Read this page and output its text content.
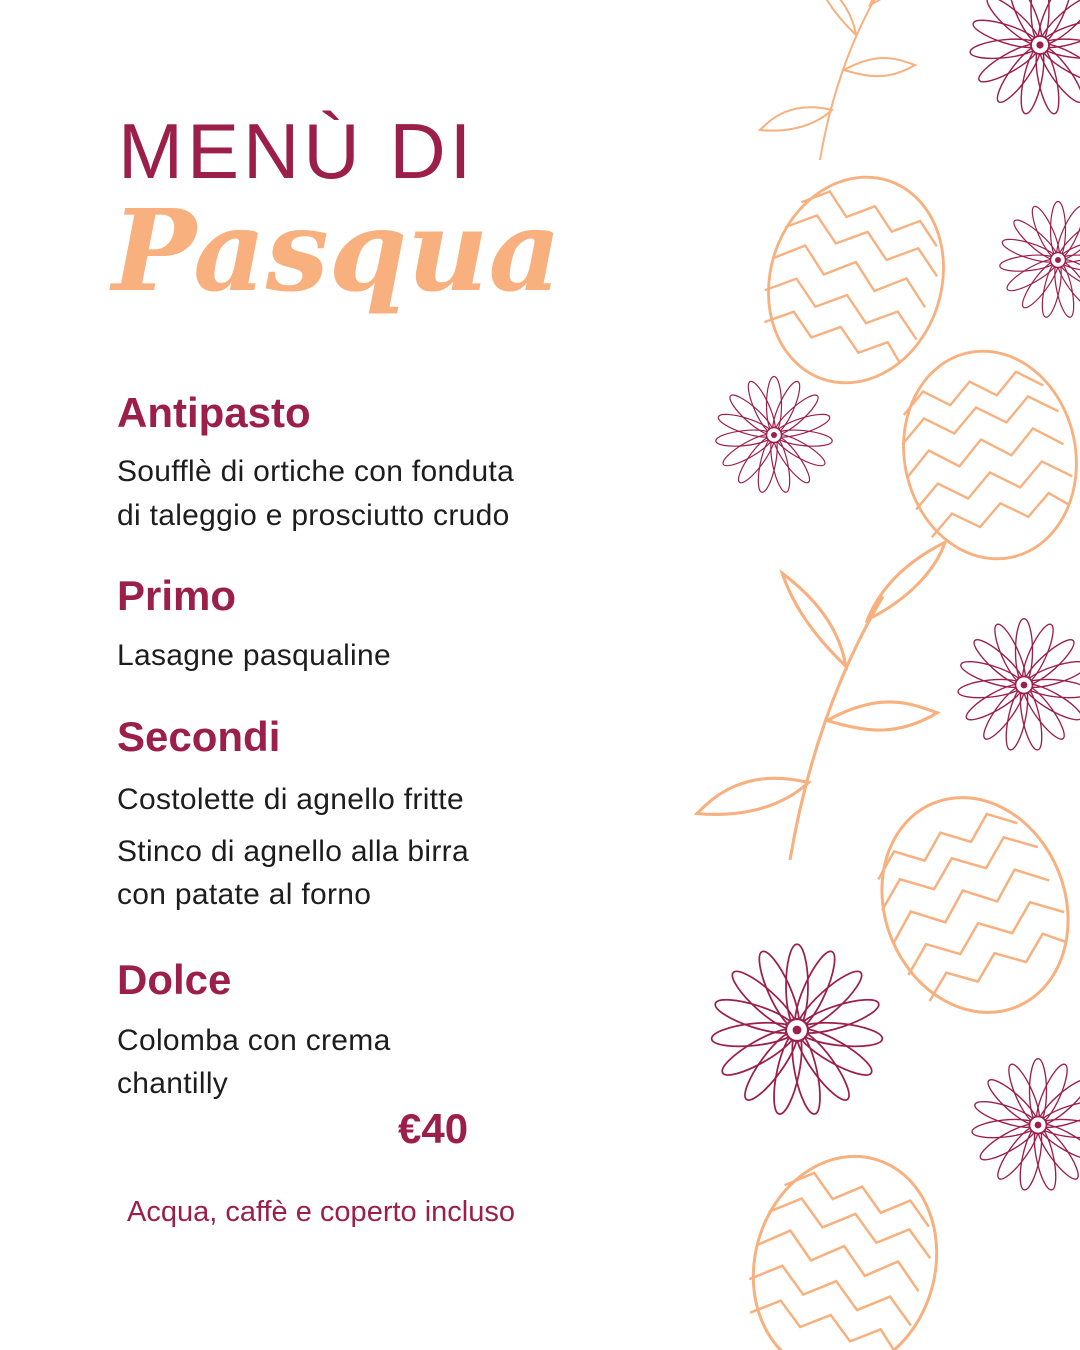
MENÙ DI
Pasqua
Antipasto
Soufflè di ortiche con fonduta
di taleggio e prosciutto crudo
Primo
Lasagne pasqualine
Secondi
Costolette di agnello fritte
Stinco di agnello alla birra
con patate al forno
Dolce
Colomba con crema
chantilly
€40
Acqua, caffè e coperto incluso
